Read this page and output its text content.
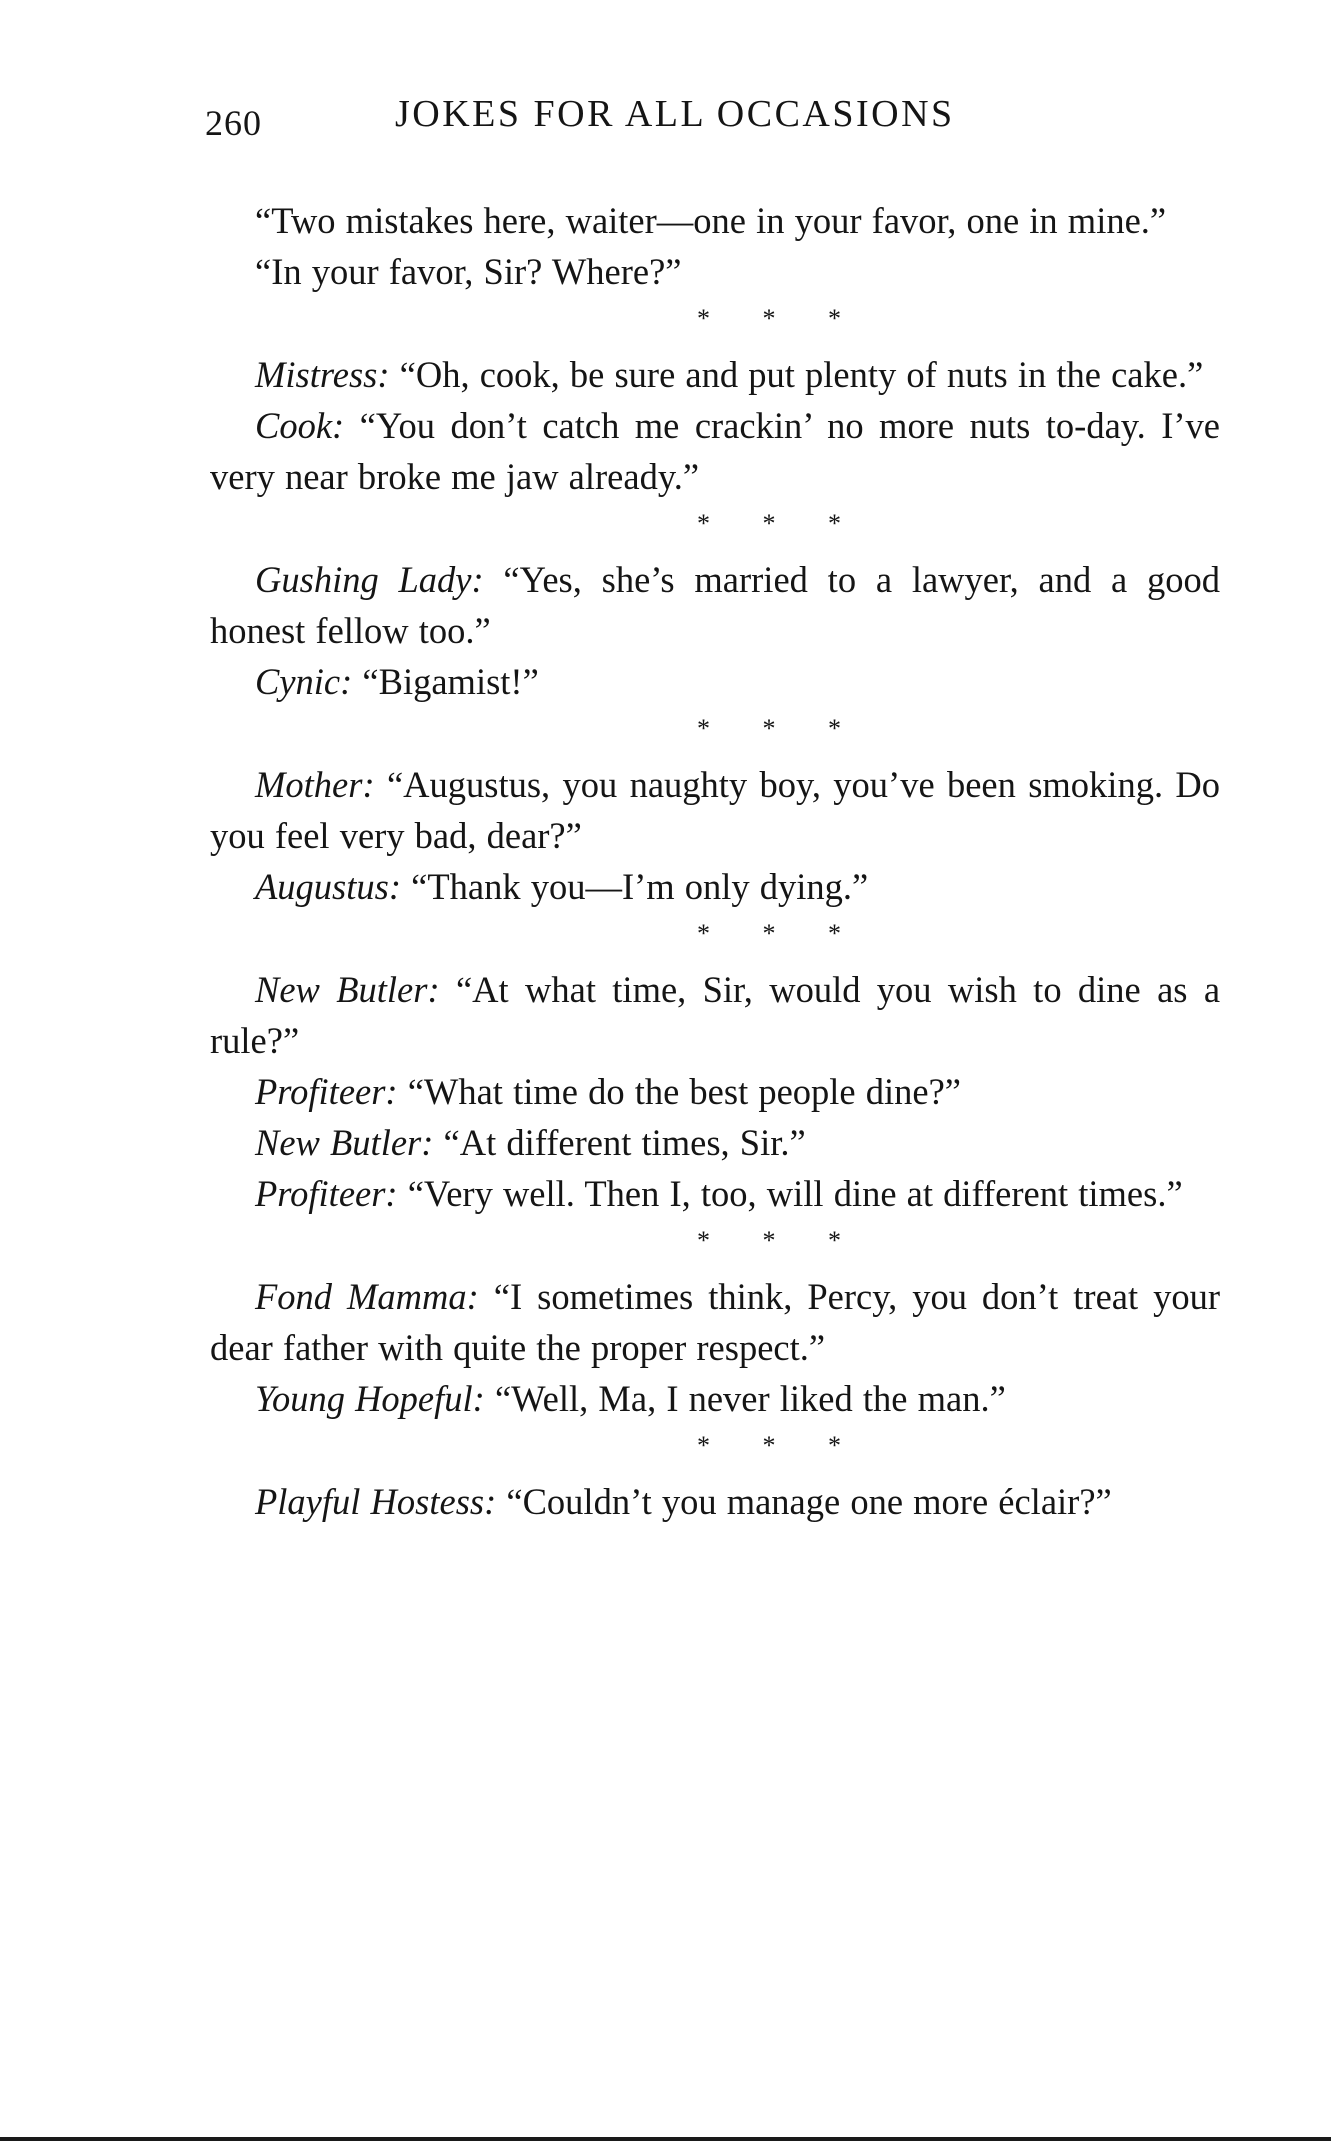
260	JOKES FOR ALL OCCASIONS

“Two mistakes here, waiter—one in your favor, one in mine.”

“In your favor, Sir? Where?”

* * *

Mistress: “Oh, cook, be sure and put plenty of nuts in the cake.”

Cook: “You don’t catch me crackin’ no more nuts to-day. I’ve very near broke me jaw already.”

* * *

Gushing Lady: “Yes, she’s married to a lawyer, and a good honest fellow too.”

Cynic: “Bigamist!”

* * *

Mother: “Augustus, you naughty boy, you’ve been smoking. Do you feel very bad, dear?”

Augustus: “Thank you—I’m only dying.”

* * *

New Butler: “At what time, Sir, would you wish to dine as a rule?”

Profiteer: “What time do the best people dine?”

New Butler: “At different times, Sir.”

Profiteer: “Very well. Then I, too, will dine at different times.”

* * *

Fond Mamma: “I sometimes think, Percy, you don’t treat your dear father with quite the proper respect.”

Young Hopeful: “Well, Ma, I never liked the man.”

* * *

Playful Hostess: “Couldn’t you manage one more éclair?”
